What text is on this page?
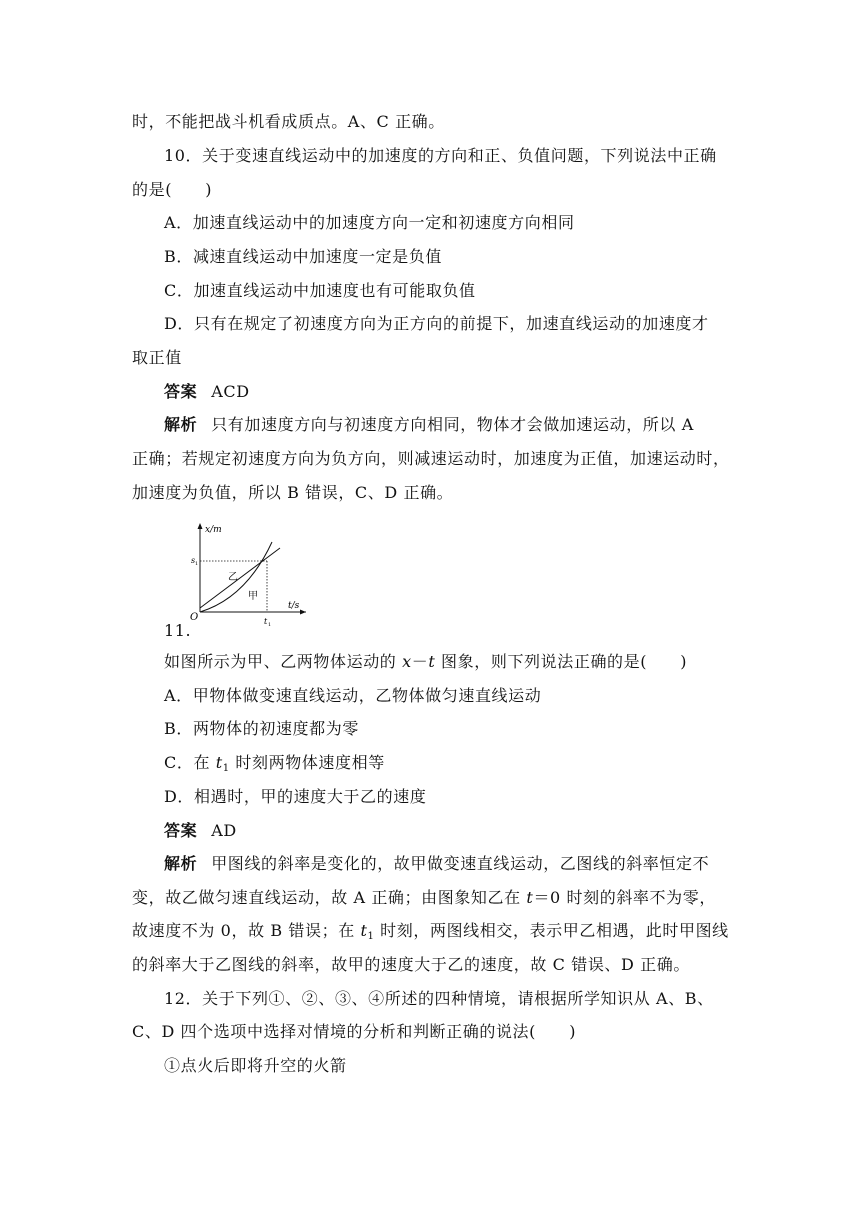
时，不能把战斗机看成质点。A、C 正确。
10．关于变速直线运动中的加速度的方向和正、负值问题，下列说法中正确
的是(　　)
A．加速直线运动中的加速度方向一定和初速度方向相同
B．减速直线运动中加速度一定是负值
C．加速直线运动中加速度也有可能取负值
D．只有在规定了初速度方向为正方向的前提下，加速直线运动的加速度才
取正值
答案 ACD
解析 只有加速度方向与初速度方向相同，物体才会做加速运动，所以 A
正确；若规定初速度方向为负方向，则减速运动时，加速度为正值，加速运动时，
加速度为负值，所以 B 错误，C、D 正确。
x/m
t/s
O
s 1
t 1
乙
甲
11.
如图所示为甲、乙两物体运动的 x－t 图象，则下列说法正确的是(　　)
A．甲物体做变速直线运动，乙物体做匀速直线运动
B．两物体的初速度都为零
C．在 $t_1$ 时刻两物体速度相等
D．相遇时，甲的速度大于乙的速度
答案 AD
解析 甲图线的斜率是变化的，故甲做变速直线运动，乙图线的斜率恒定不
变，故乙做匀速直线运动，故 A 正确；由图象知乙在 t＝0 时刻的斜率不为零，
故速度不为 0，故 B 错误；在 $t_1$ 时刻，两图线相交，表示甲乙相遇，此时甲图线
的斜率大于乙图线的斜率，故甲的速度大于乙的速度，故 C 错误、D 正确。
12．关于下列①、②、③、④所述的四种情境，请根据所学知识从 A、B、
C、D 四个选项中选择对情境的分析和判断正确的说法(　　)
①点火后即将升空的火箭
